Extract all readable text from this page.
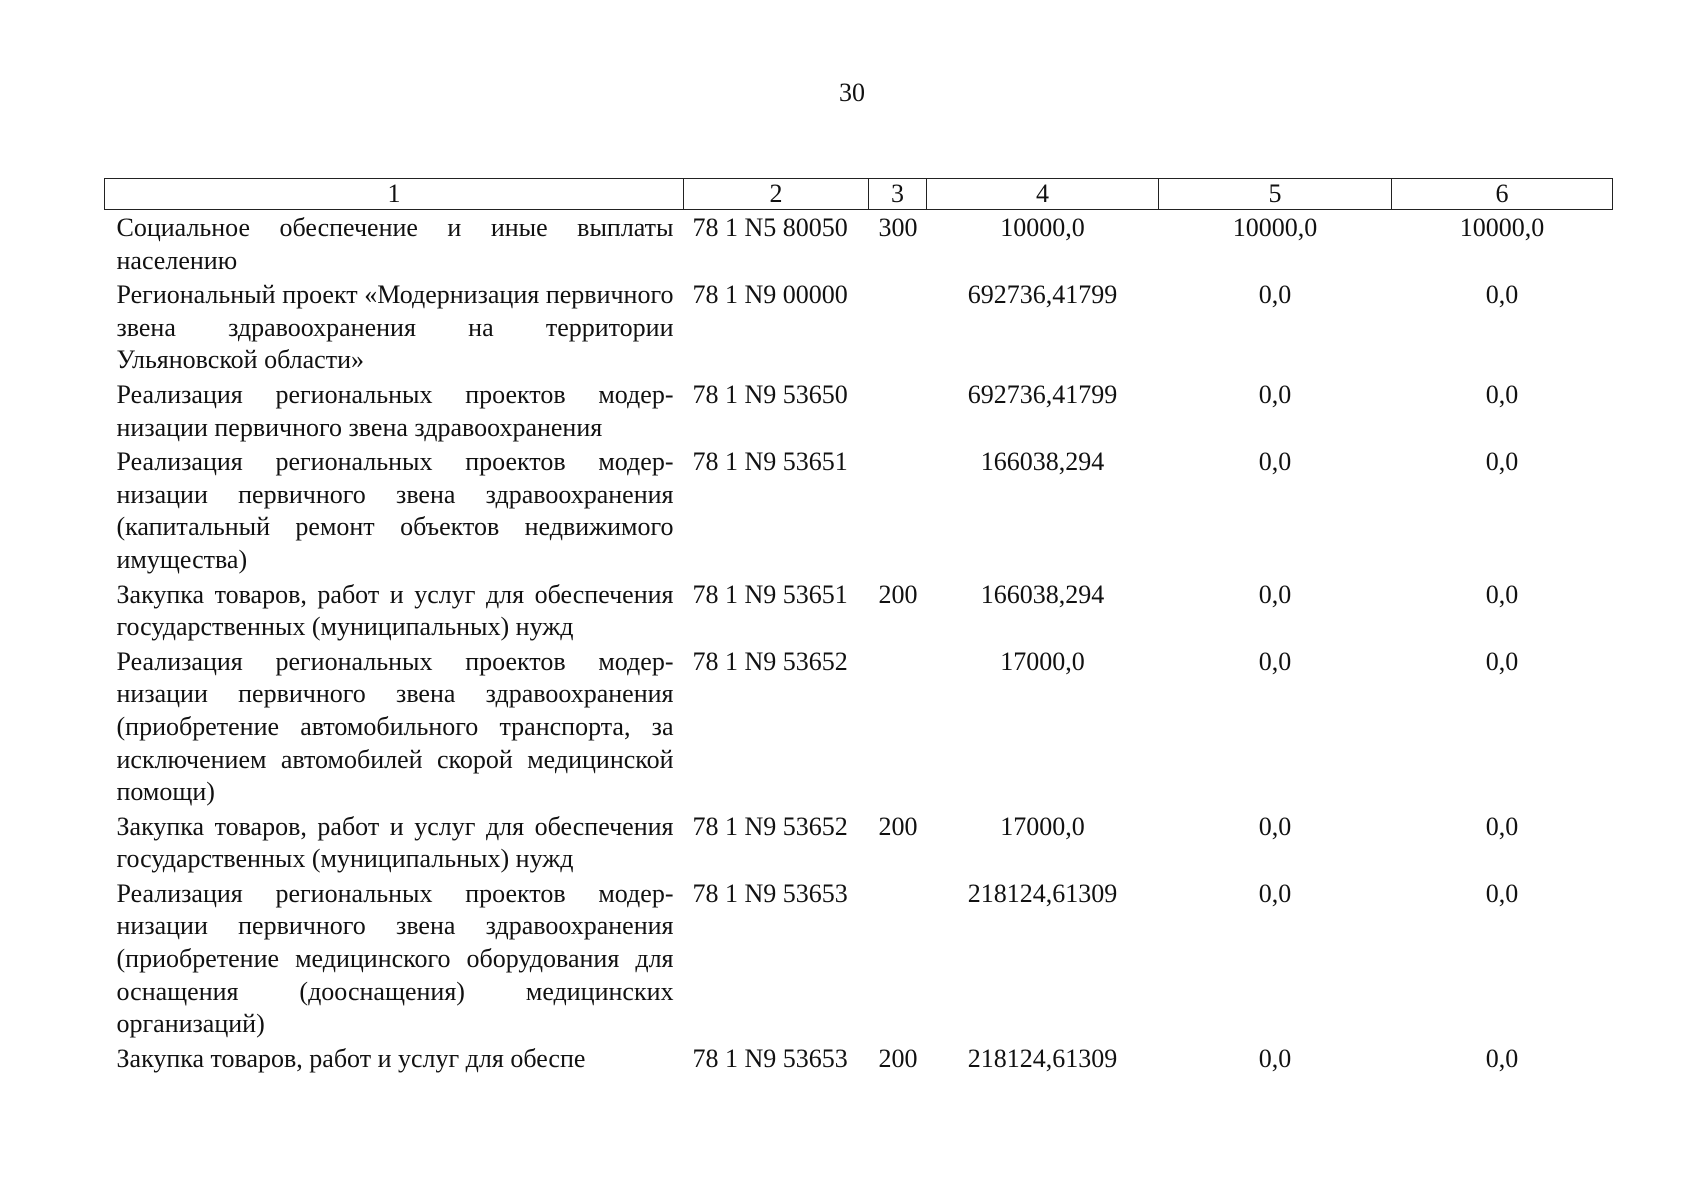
30
1	2	3	4	5	6
Социальное обеспечение и иные выплаты населению	78 1 N5 80050	300	10000,0	10000,0	10000,0
Региональный проект «Модернизация первичного звена здравоохранения на территории Ульяновской области»	78 1 N9 00000		692736,41799	0,0	0,0
Реализация региональных проектов модернизации первичного звена здравоохранения	78 1 N9 53650		692736,41799	0,0	0,0
Реализация региональных проектов модернизации первичного звена здравоохранения (капитальный ремонт объектов недвижимого имущества)	78 1 N9 53651		166038,294	0,0	0,0
Закупка товаров, работ и услуг для обеспечения государственных (муниципальных) нужд	78 1 N9 53651	200	166038,294	0,0	0,0
Реализация региональных проектов модернизации первичного звена здравоохранения (приобретение автомобильного транспорта, за исключением автомобилей скорой медицинской помощи)	78 1 N9 53652		17000,0	0,0	0,0
Закупка товаров, работ и услуг для обеспечения государственных (муниципальных) нужд	78 1 N9 53652	200	17000,0	0,0	0,0
Реализация региональных проектов модернизации первичного звена здравоохранения (приобретение медицинского оборудования для оснащения (дооснащения) медицинских организаций)	78 1 N9 53653		218124,61309	0,0	0,0
Закупка товаров, работ и услуг для обеспе	78 1 N9 53653	200	218124,61309	0,0	0,0
